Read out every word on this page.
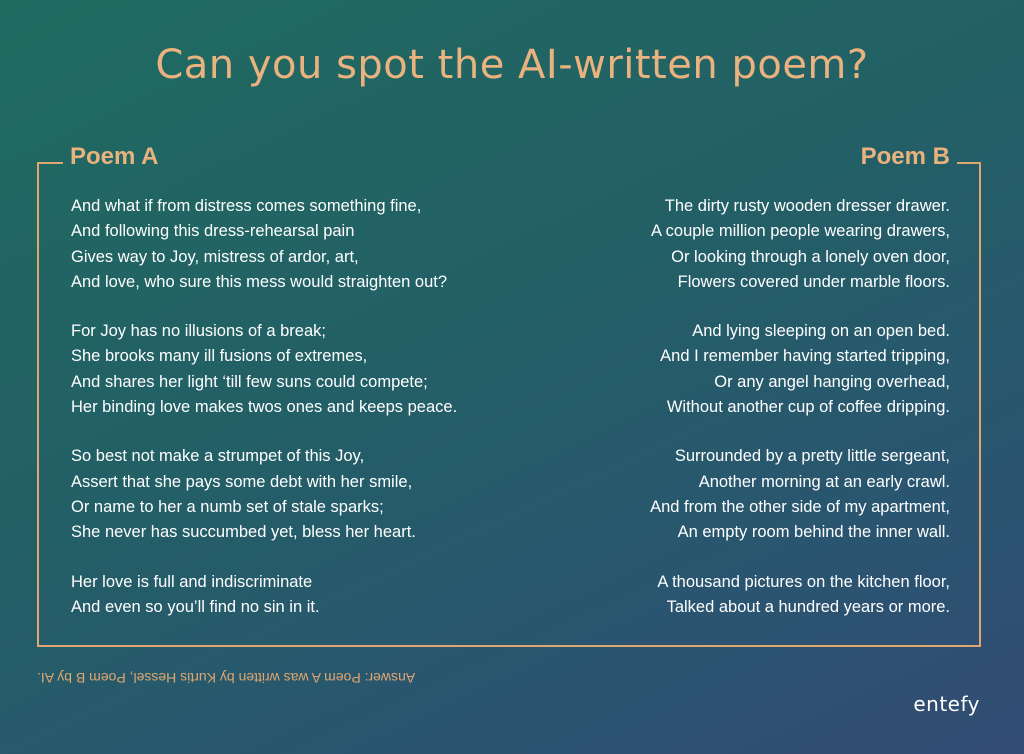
Can you spot the AI-written poem?
Poem A	Poem B
And what if from distress comes something fine,
And following this dress-rehearsal pain
Gives way to Joy, mistress of ardor, art,
And love, who sure this mess would straighten out?
For Joy has no illusions of a break;
She brooks many ill fusions of extremes,
And shares her light ‘till few suns could compete;
Her binding love makes twos ones and keeps peace.
So best not make a strumpet of this Joy,
Assert that she pays some debt with her smile,
Or name to her a numb set of stale sparks;
She never has succumbed yet, bless her heart.
Her love is full and indiscriminate
And even so you’ll find no sin in it.
The dirty rusty wooden dresser drawer.
A couple million people wearing drawers,
Or looking through a lonely oven door,
Flowers covered under marble floors.
And lying sleeping on an open bed.
And I remember having started tripping,
Or any angel hanging overhead,
Without another cup of coffee dripping.
Surrounded by a pretty little sergeant,
Another morning at an early crawl.
And from the other side of my apartment,
An empty room behind the inner wall.
A thousand pictures on the kitchen floor,
Talked about a hundred years or more.
Answer: Poem A was written by Kurtis Hessel, Poem B by AI.
entefy
